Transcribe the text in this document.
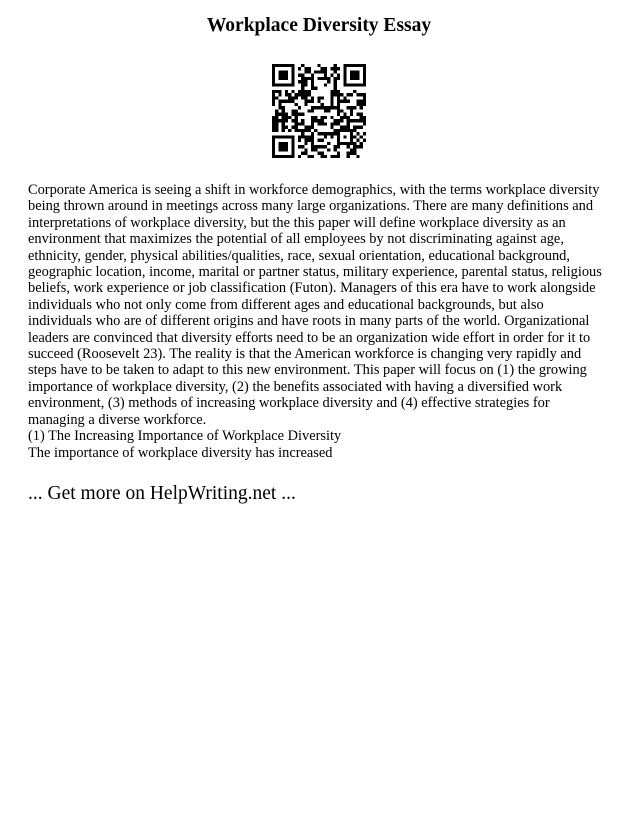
Workplace Diversity Essay

Corporate America is seeing a shift in workforce demographics, with the terms workplace diversity being thrown around in meetings across many large organizations. There are many definitions and interpretations of workplace diversity, but the this paper will define workplace diversity as an environment that maximizes the potential of all employees by not discriminating against age, ethnicity, gender, physical abilities/qualities, race, sexual orientation, educational background, geographic location, income, marital or partner status, military experience, parental status, religious beliefs, work experience or job classification (Futon). Managers of this era have to work alongside individuals who not only come from different ages and educational backgrounds, but also individuals who are of different origins and have roots in many parts of the world. Organizational leaders are convinced that diversity efforts need to be an organization wide effort in order for it to succeed (Roosevelt 23). The reality is that the American workforce is changing very rapidly and steps have to be taken to adapt to this new environment. This paper will focus on (1) the growing importance of workplace diversity, (2) the benefits associated with having a diversified work environment, (3) methods of increasing workplace diversity and (4) effective strategies for managing a diverse workforce.

(1) The Increasing Importance of Workplace Diversity

The importance of workplace diversity has increased

... Get more on HelpWriting.net ...
